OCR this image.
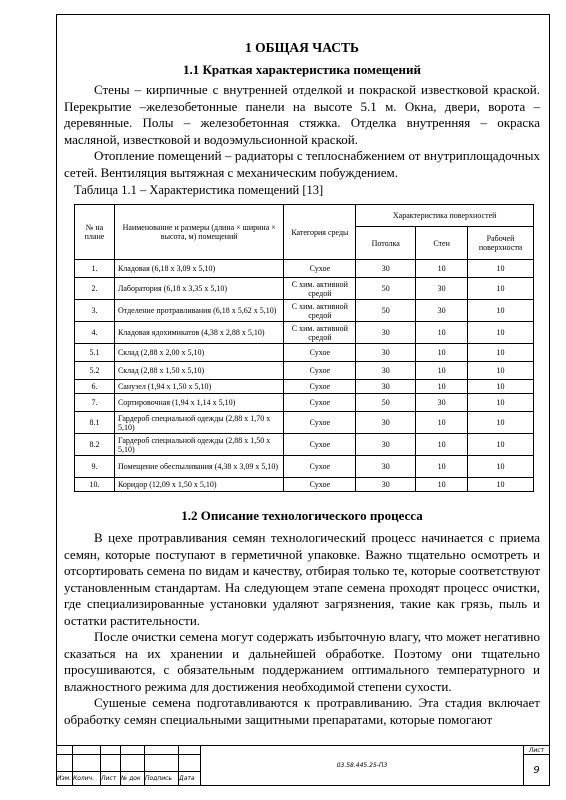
1 ОБЩАЯ ЧАСТЬ
1.1 Краткая характеристика помещений

Стены – кирпичные с внутренней отделкой и покраской известковой краской. Перекрытие –железобетонные панели на высоте 5.1 м. Окна, двери, ворота – деревянные. Полы – железобетонная стяжка. Отделка внутренняя – окраска масляной, известковой и водоэмульсионной краской.

Отопление помещений – радиаторы с теплоснабжением от внутриплощадочных сетей. Вентиляция вытяжная с механическим побуждением.

Таблица 1.1 – Характеристика помещений [13]
№ на плане	Наименование и размеры (длина × ширина × высота, м) помещений	Категория среды	Характеристика поверхностей		
			Потолка	Стен	Рабочей поверхности
1.	Кладовая (6,18 х 3,09 х 5,10)	Сухое	30	10	10
2.	Лаборатория (6,18 х 3,35 х 5,10)	С хим. активной средой	50	30	10
3.	Отделение протравливания (6,18 х 5,62 х 5,10)	С хим. активной средой	50	30	10
4.	Кладовая ядохимикатов (4,38 х 2,88 х 5,10)	С хим. активной средой	30	10	10
5.1	Склад (2,88 х 2,00 х 5,10)	Сухое	30	10	10
5.2	Склад (2,88 х 1,50 х 5,10)	Сухое	30	10	10
6.	Санузел (1,94 х 1,50 х 5,10)	Сухое	30	10	10
7.	Сортировочная (1,94 х 1,14 х 5,10)	Сухое	50	30	10
8.1	Гардероб специальной одежды (2,88 х 1,70 х 5,10)	Сухое	30	10	10
8.2	Гардероб специальной одежды (2,88 х 1,50 х 5,10)	Сухое	30	10	10
9.	Помещение обеспыливания (4,38 х 3,09 х 5,10)	Сухое	30	10	10
10.	Коридор (12,09 х 1,50 х 5,10)	Сухое	30	10	10
1.2 Описание технологического процесса

В цехе протравливания семян технологический процесс начинается с приема семян, которые поступают в герметичной упаковке. Важно тщательно осмотреть и отсортировать семена по видам и качеству, отбирая только те, которые соответствуют установленным стандартам. На следующем этапе семена проходят процесс очистки, где специализированные установки удаляют загрязнения, такие как грязь, пыль и остатки растительности.

После очистки семена могут содержать избыточную влагу, что может негативно сказаться на их хранении и дальнейшей обработке. Поэтому они тщательно просушиваются, с обязательным поддержанием оптимального температурного и влажностного режима для достижения необходимой степени сухости.

Сушеные семена подготавливаются к протравливанию. Эта стадия включает обработку семян специальными защитными препаратами, которые помогают

						03.58.445.25-ПЗ	Лист
							9
Изм.	Колич.	Лист	№ док	Подпись	Дата		
